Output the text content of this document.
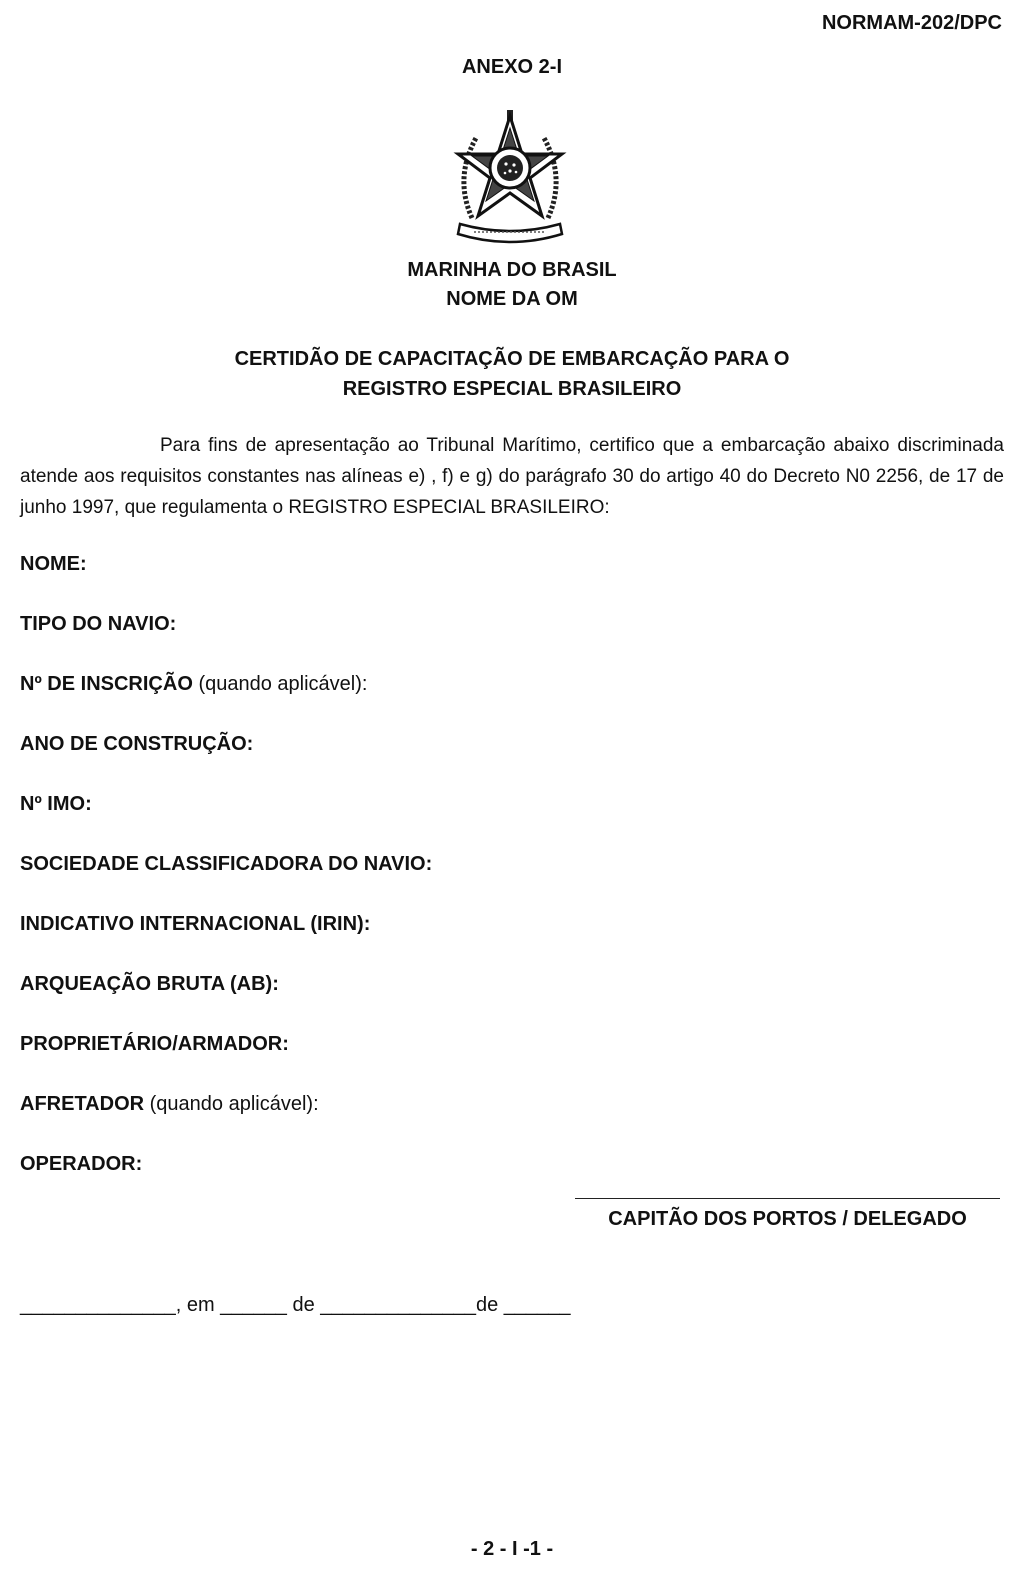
NORMAM-202/DPC
ANEXO 2-I
MARINHA DO BRASIL
NOME DA OM
CERTIDÃO DE CAPACITAÇÃO DE EMBARCAÇÃO PARA O
REGISTRO ESPECIAL BRASILEIRO
Para fins de apresentação ao Tribunal Marítimo, certifico que a embarcação abaixo discriminada atende aos requisitos constantes nas alíneas e) , f) e g) do parágrafo 30 do artigo 40 do Decreto N0 2256, de 17 de junho 1997, que regulamenta o REGISTRO ESPECIAL BRASILEIRO:
NOME:
TIPO DO NAVIO:
Nº DE INSCRIÇÃO (quando aplicável):
ANO DE CONSTRUÇÃO:
Nº IMO:
SOCIEDADE CLASSIFICADORA DO NAVIO:
INDICATIVO INTERNACIONAL (IRIN):
ARQUEAÇÃO BRUTA (AB):
PROPRIETÁRIO/ARMADOR:
AFRETADOR (quando aplicável):
OPERADOR:
CAPITÃO DOS PORTOS / DELEGADO
______________, em ______ de ______________de ______
- 2 - I -1 -
